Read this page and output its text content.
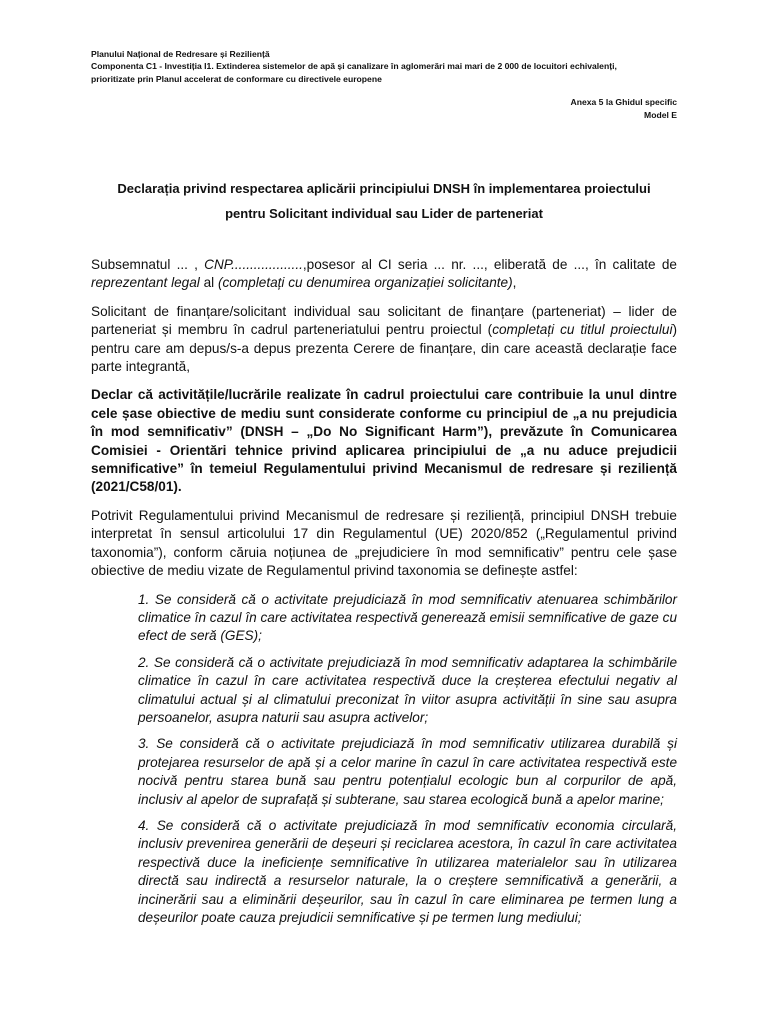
Planului Național de Redresare și Reziliență
Componenta C1 - Investiția I1. Extinderea sistemelor de apă și canalizare în aglomerări mai mari de 2 000 de locuitori echivalenți,
prioritizate prin Planul accelerat de conformare cu directivele europene
Anexa 5 la Ghidul specific
Model E
Declarația privind respectarea aplicării principiului DNSH în implementarea proiectului
pentru Solicitant individual sau Lider de parteneriat

Subsemnatul ... , CNP...................,posesor al CI seria ... nr. ..., eliberată de ..., în calitate de reprezentant legal al (completați cu denumirea organizației solicitante),

Solicitant de finanțare/solicitant individual sau solicitant de finanțare (parteneriat) – lider de parteneriat și membru în cadrul parteneriatului pentru proiectul (completați cu titlul proiectului) pentru care am depus/s-a depus prezenta Cerere de finanțare, din care această declarație face parte integrantă,

Declar că activitățile/lucrările realizate în cadrul proiectului care contribuie la unul dintre cele șase obiective de mediu sunt considerate conforme cu principiul de „a nu prejudicia în mod semnificativ” (DNSH – „Do No Significant Harm”), prevăzute în Comunicarea Comisiei - Orientări tehnice privind aplicarea principiului de „a nu aduce prejudicii semnificative” în temeiul Regulamentului privind Mecanismul de redresare și reziliență (2021/C58/01).

Potrivit Regulamentului privind Mecanismul de redresare și reziliență, principiul DNSH trebuie interpretat în sensul articolului 17 din Regulamentul (UE) 2020/852 („Regulamentul privind taxonomia”), conform căruia noțiunea de „prejudiciere în mod semnificativ” pentru cele șase obiective de mediu vizate de Regulamentul privind taxonomia se definește astfel:

1. Se consideră că o activitate prejudiciază în mod semnificativ atenuarea schimbărilor climatice în cazul în care activitatea respectivă generează emisii semnificative de gaze cu efect de seră (GES);

2. Se consideră că o activitate prejudiciază în mod semnificativ adaptarea la schimbările climatice în cazul în care activitatea respectivă duce la creșterea efectului negativ al climatului actual și al climatului preconizat în viitor asupra activității în sine sau asupra persoanelor, asupra naturii sau asupra activelor;

3. Se consideră că o activitate prejudiciază în mod semnificativ utilizarea durabilă și protejarea resurselor de apă și a celor marine în cazul în care activitatea respectivă este nocivă pentru starea bună sau pentru potențialul ecologic bun al corpurilor de apă, inclusiv al apelor de suprafață și subterane, sau starea ecologică bună a apelor marine;

4. Se consideră că o activitate prejudiciază în mod semnificativ economia circulară, inclusiv prevenirea generării de deșeuri și reciclarea acestora, în cazul în care activitatea respectivă duce la ineficiențe semnificative în utilizarea materialelor sau în utilizarea directă sau indirectă a resurselor naturale, la o creștere semnificativă a generării, a incinerării sau a eliminării deșeurilor, sau în cazul în care eliminarea pe termen lung a deșeurilor poate cauza prejudicii semnificative și pe termen lung mediului;
